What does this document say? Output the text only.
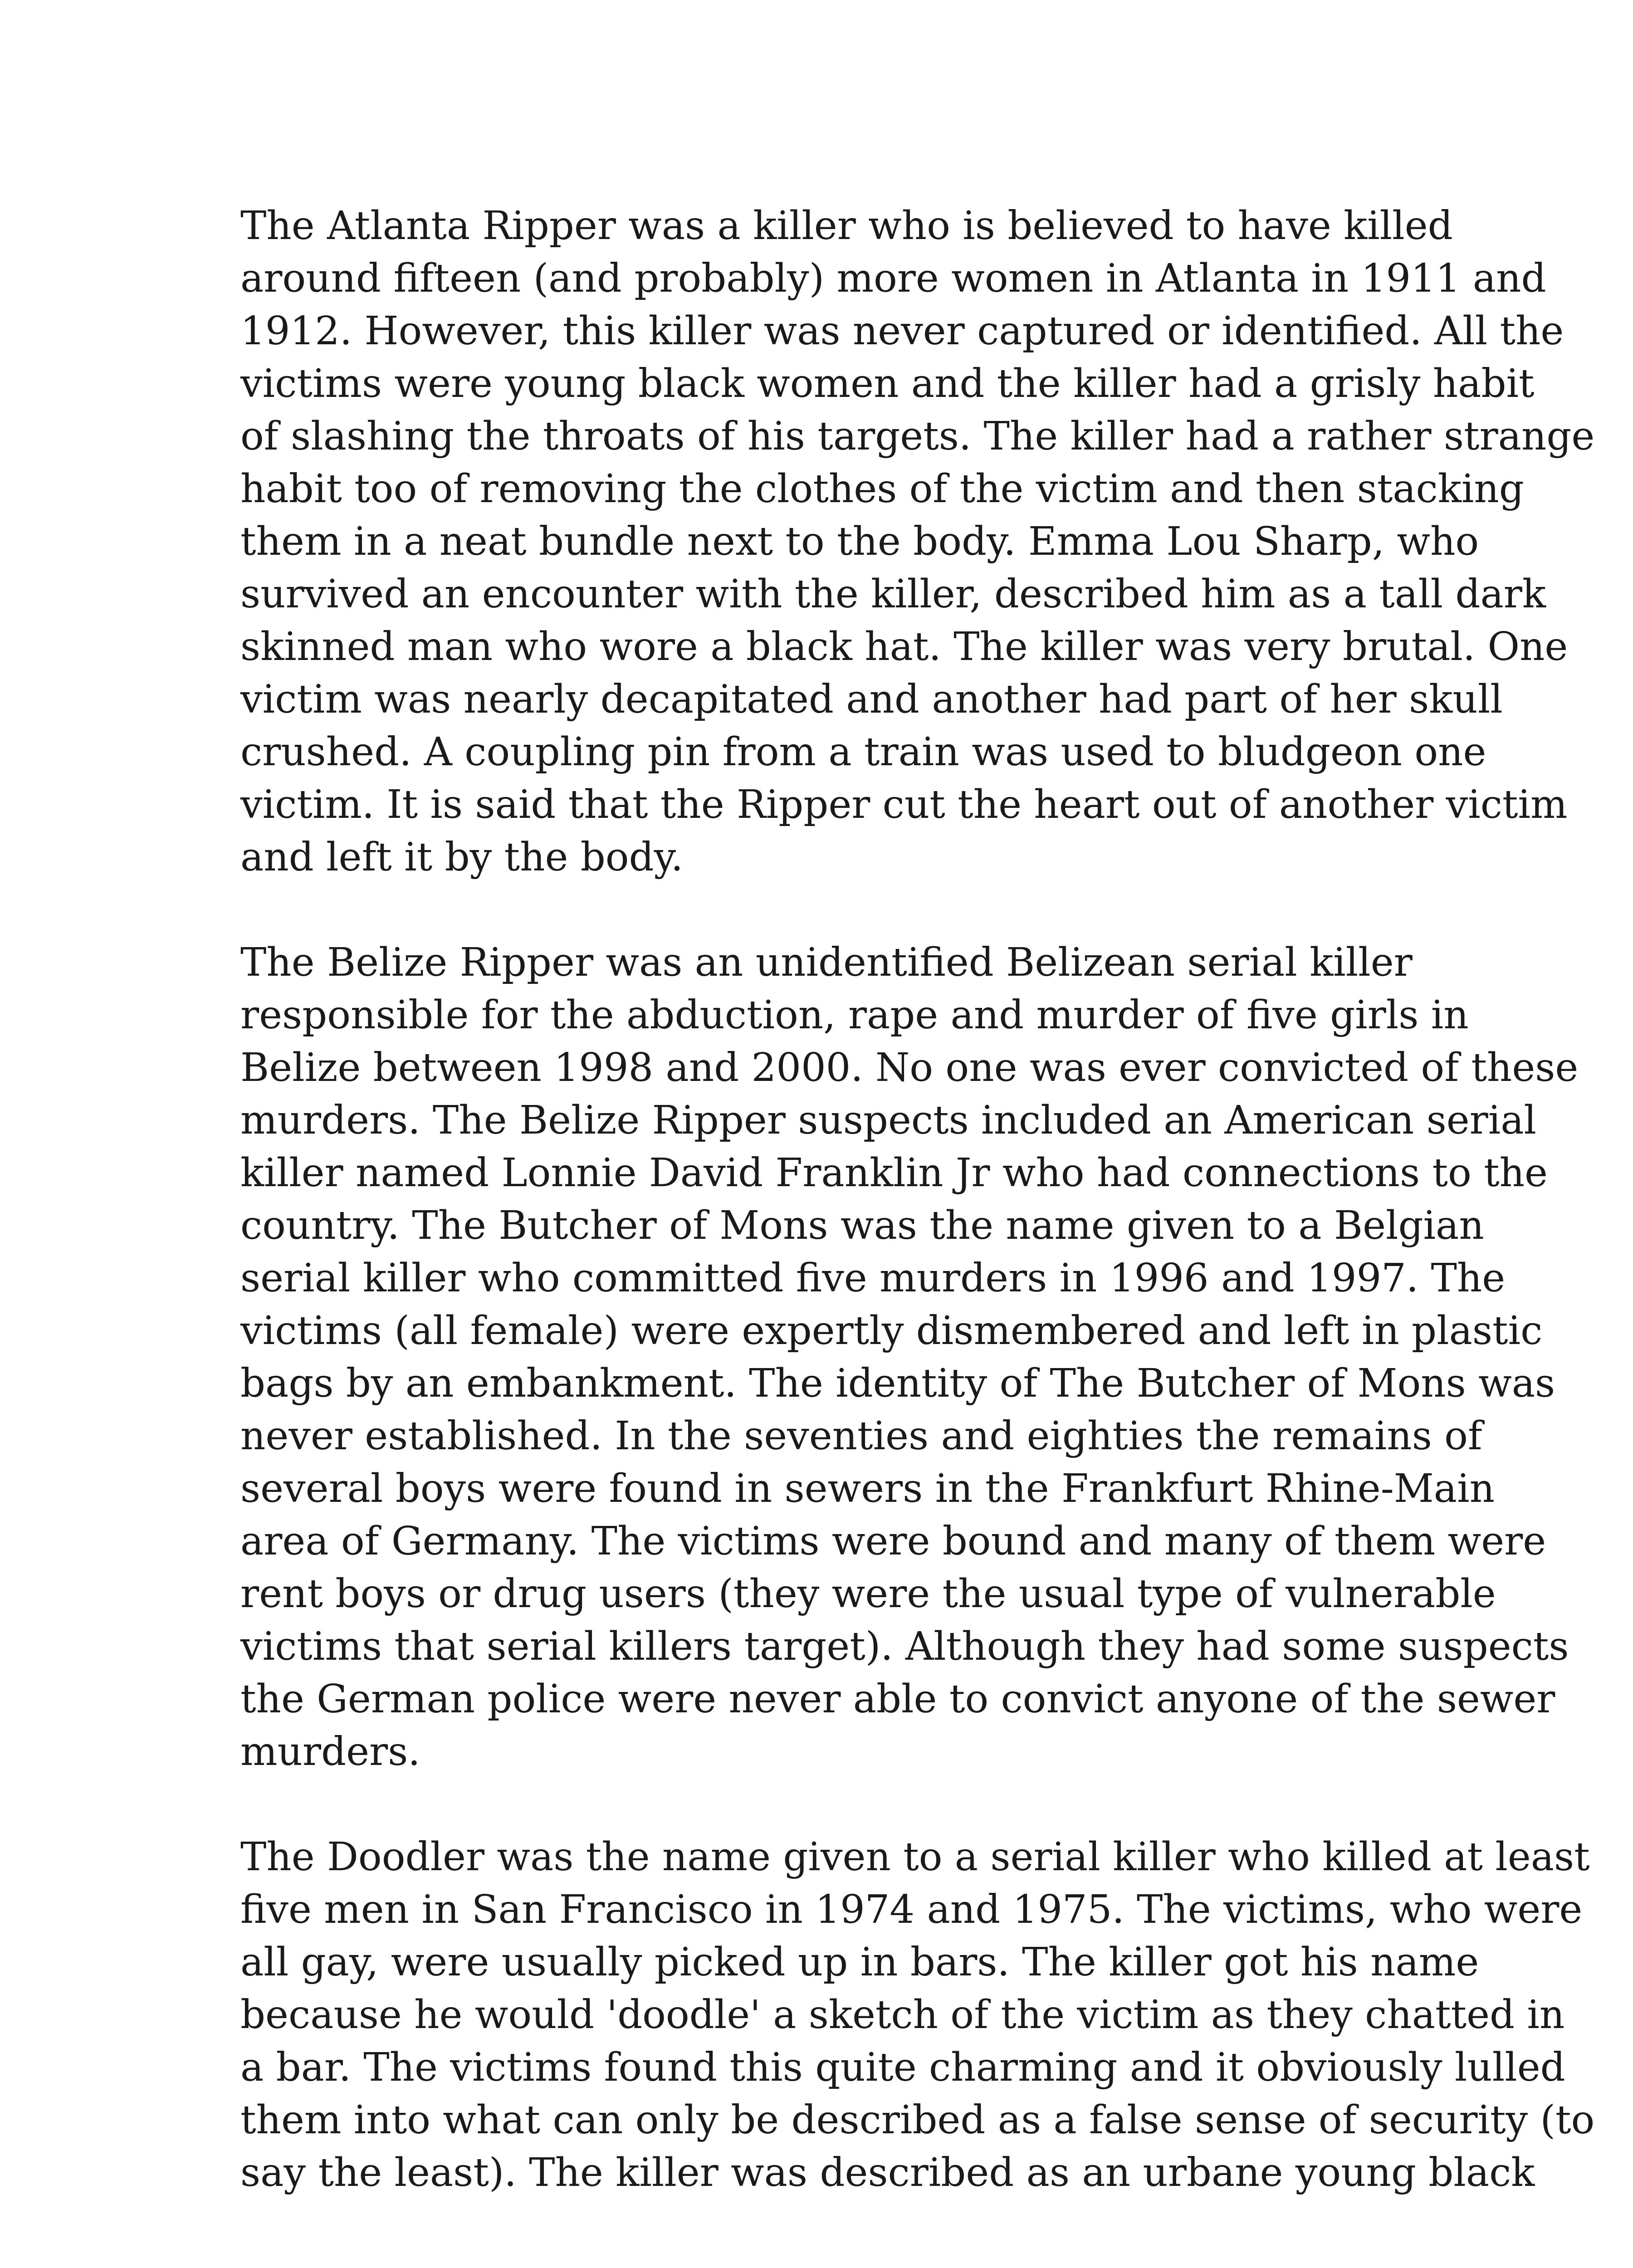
The Atlanta Ripper was a killer who is believed to have killed
around fifteen (and probably) more women in Atlanta in 1911 and
1912. However, this killer was never captured or identified. All the
victims were young black women and the killer had a grisly habit
of slashing the throats of his targets. The killer had a rather strange
habit too of removing the clothes of the victim and then stacking
them in a neat bundle next to the body. Emma Lou Sharp, who
survived an encounter with the killer, described him as a tall dark
skinned man who wore a black hat. The killer was very brutal. One
victim was nearly decapitated and another had part of her skull
crushed. A coupling pin from a train was used to bludgeon one
victim. It is said that the Ripper cut the heart out of another victim
and left it by the body.

The Belize Ripper was an unidentified Belizean serial killer
responsible for the abduction, rape and murder of five girls in
Belize between 1998 and 2000. No one was ever convicted of these
murders. The Belize Ripper suspects included an American serial
killer named Lonnie David Franklin Jr who had connections to the
country. The Butcher of Mons was the name given to a Belgian
serial killer who committed five murders in 1996 and 1997. The
victims (all female) were expertly dismembered and left in plastic
bags by an embankment. The identity of The Butcher of Mons was
never established. In the seventies and eighties the remains of
several boys were found in sewers in the Frankfurt Rhine-Main
area of Germany. The victims were bound and many of them were
rent boys or drug users (they were the usual type of vulnerable
victims that serial killers target). Although they had some suspects
the German police were never able to convict anyone of the sewer
murders.

The Doodler was the name given to a serial killer who killed at least
five men in San Francisco in 1974 and 1975. The victims, who were
all gay, were usually picked up in bars. The killer got his name
because he would 'doodle' a sketch of the victim as they chatted in
a bar. The victims found this quite charming and it obviously lulled
them into what can only be described as a false sense of security (to
say the least). The killer was described as an urbane young black
